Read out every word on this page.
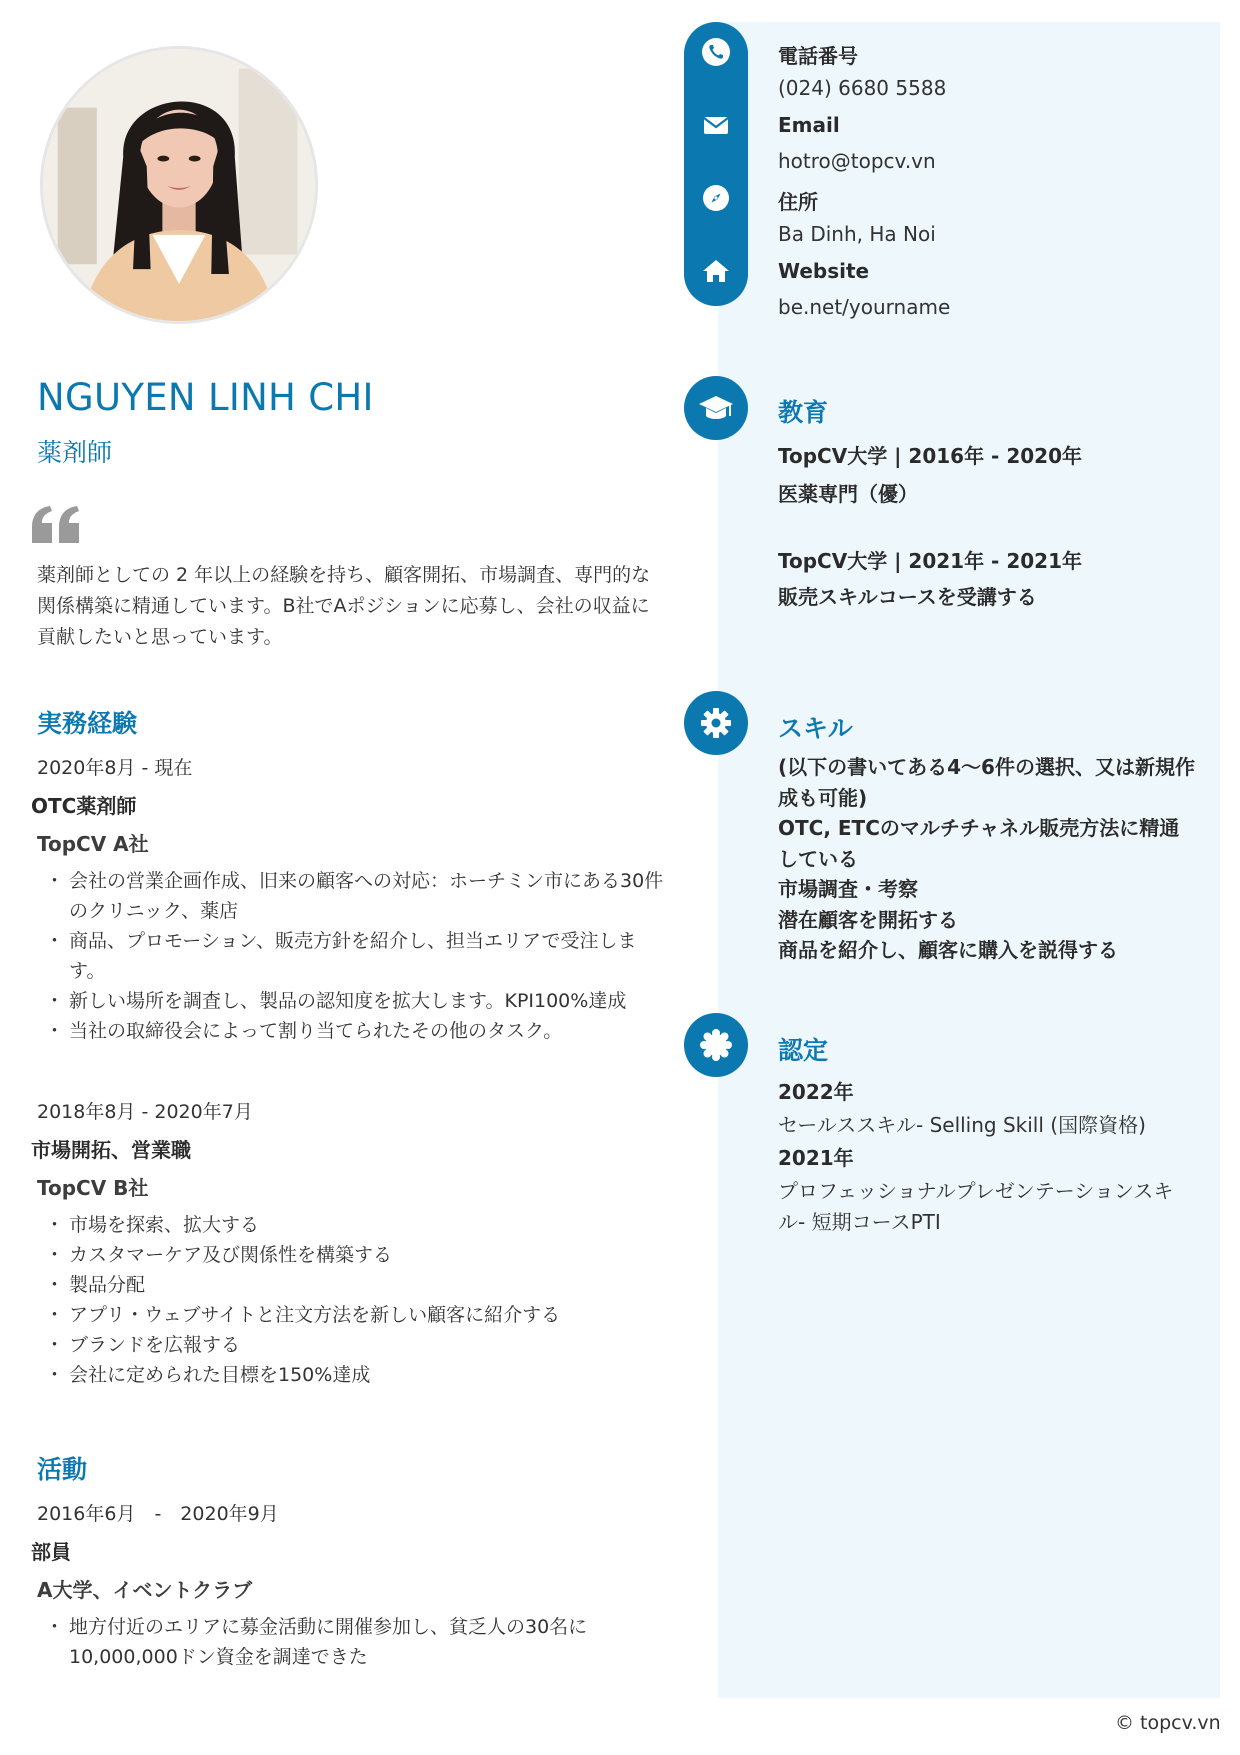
NGUYEN LINH CHI
薬剤師
薬剤師としての 2 年以上の経験を持ち、顧客開拓、市場調査、専門的な関係構築に精通しています。B社でAポジションに応募し、会社の収益に貢献したいと思っています。
実務経験
2020年8月 - 現在
OTC薬剤師
TopCV A社
・ 会社の営業企画作成、旧来の顧客への対応：ホーチミン市にある30件のクリニック、薬店
・ 商品、プロモーション、販売方針を紹介し、担当エリアで受注します。
・ 新しい場所を調査し、製品の認知度を拡大します。KPI100%達成
・ 当社の取締役会によって割り当てられたその他のタスク。
2018年8月 - 2020年7月
市場開拓、営業職
TopCV B社
・ 市場を探索、拡大する
・ カスタマーケア及び関係性を構築する
・ 製品分配
・ アプリ・ウェブサイトと注文方法を新しい顧客に紹介する
・ ブランドを広報する
・ 会社に定められた目標を150%達成
活動
2016年6月　-　2020年9月
部員
A大学、イベントクラブ
・ 地方付近のエリアに募金活動に開催参加し、貧乏人の30名に10,000,000ドン資金を調達できた
電話番号
(024) 6680 5588
Email
hotro@topcv.vn
住所
Ba Dinh, Ha Noi
Website
be.net/yourname
教育
TopCV大学 | 2016年 - 2020年
医薬専門（優）
TopCV大学 | 2021年 - 2021年
販売スキルコースを受講する
スキル
(以下の書いてある4～6件の選択、又は新規作成も可能)
OTC, ETCのマルチチャネル販売方法に精通している
市場調査・考察
潜在顧客を開拓する
商品を紹介し、顧客に購入を説得する
認定
2022年
セールススキル- Selling Skill (国際資格)
2021年
プロフェッショナルプレゼンテーションスキル- 短期コースPTI
© topcv.vn
